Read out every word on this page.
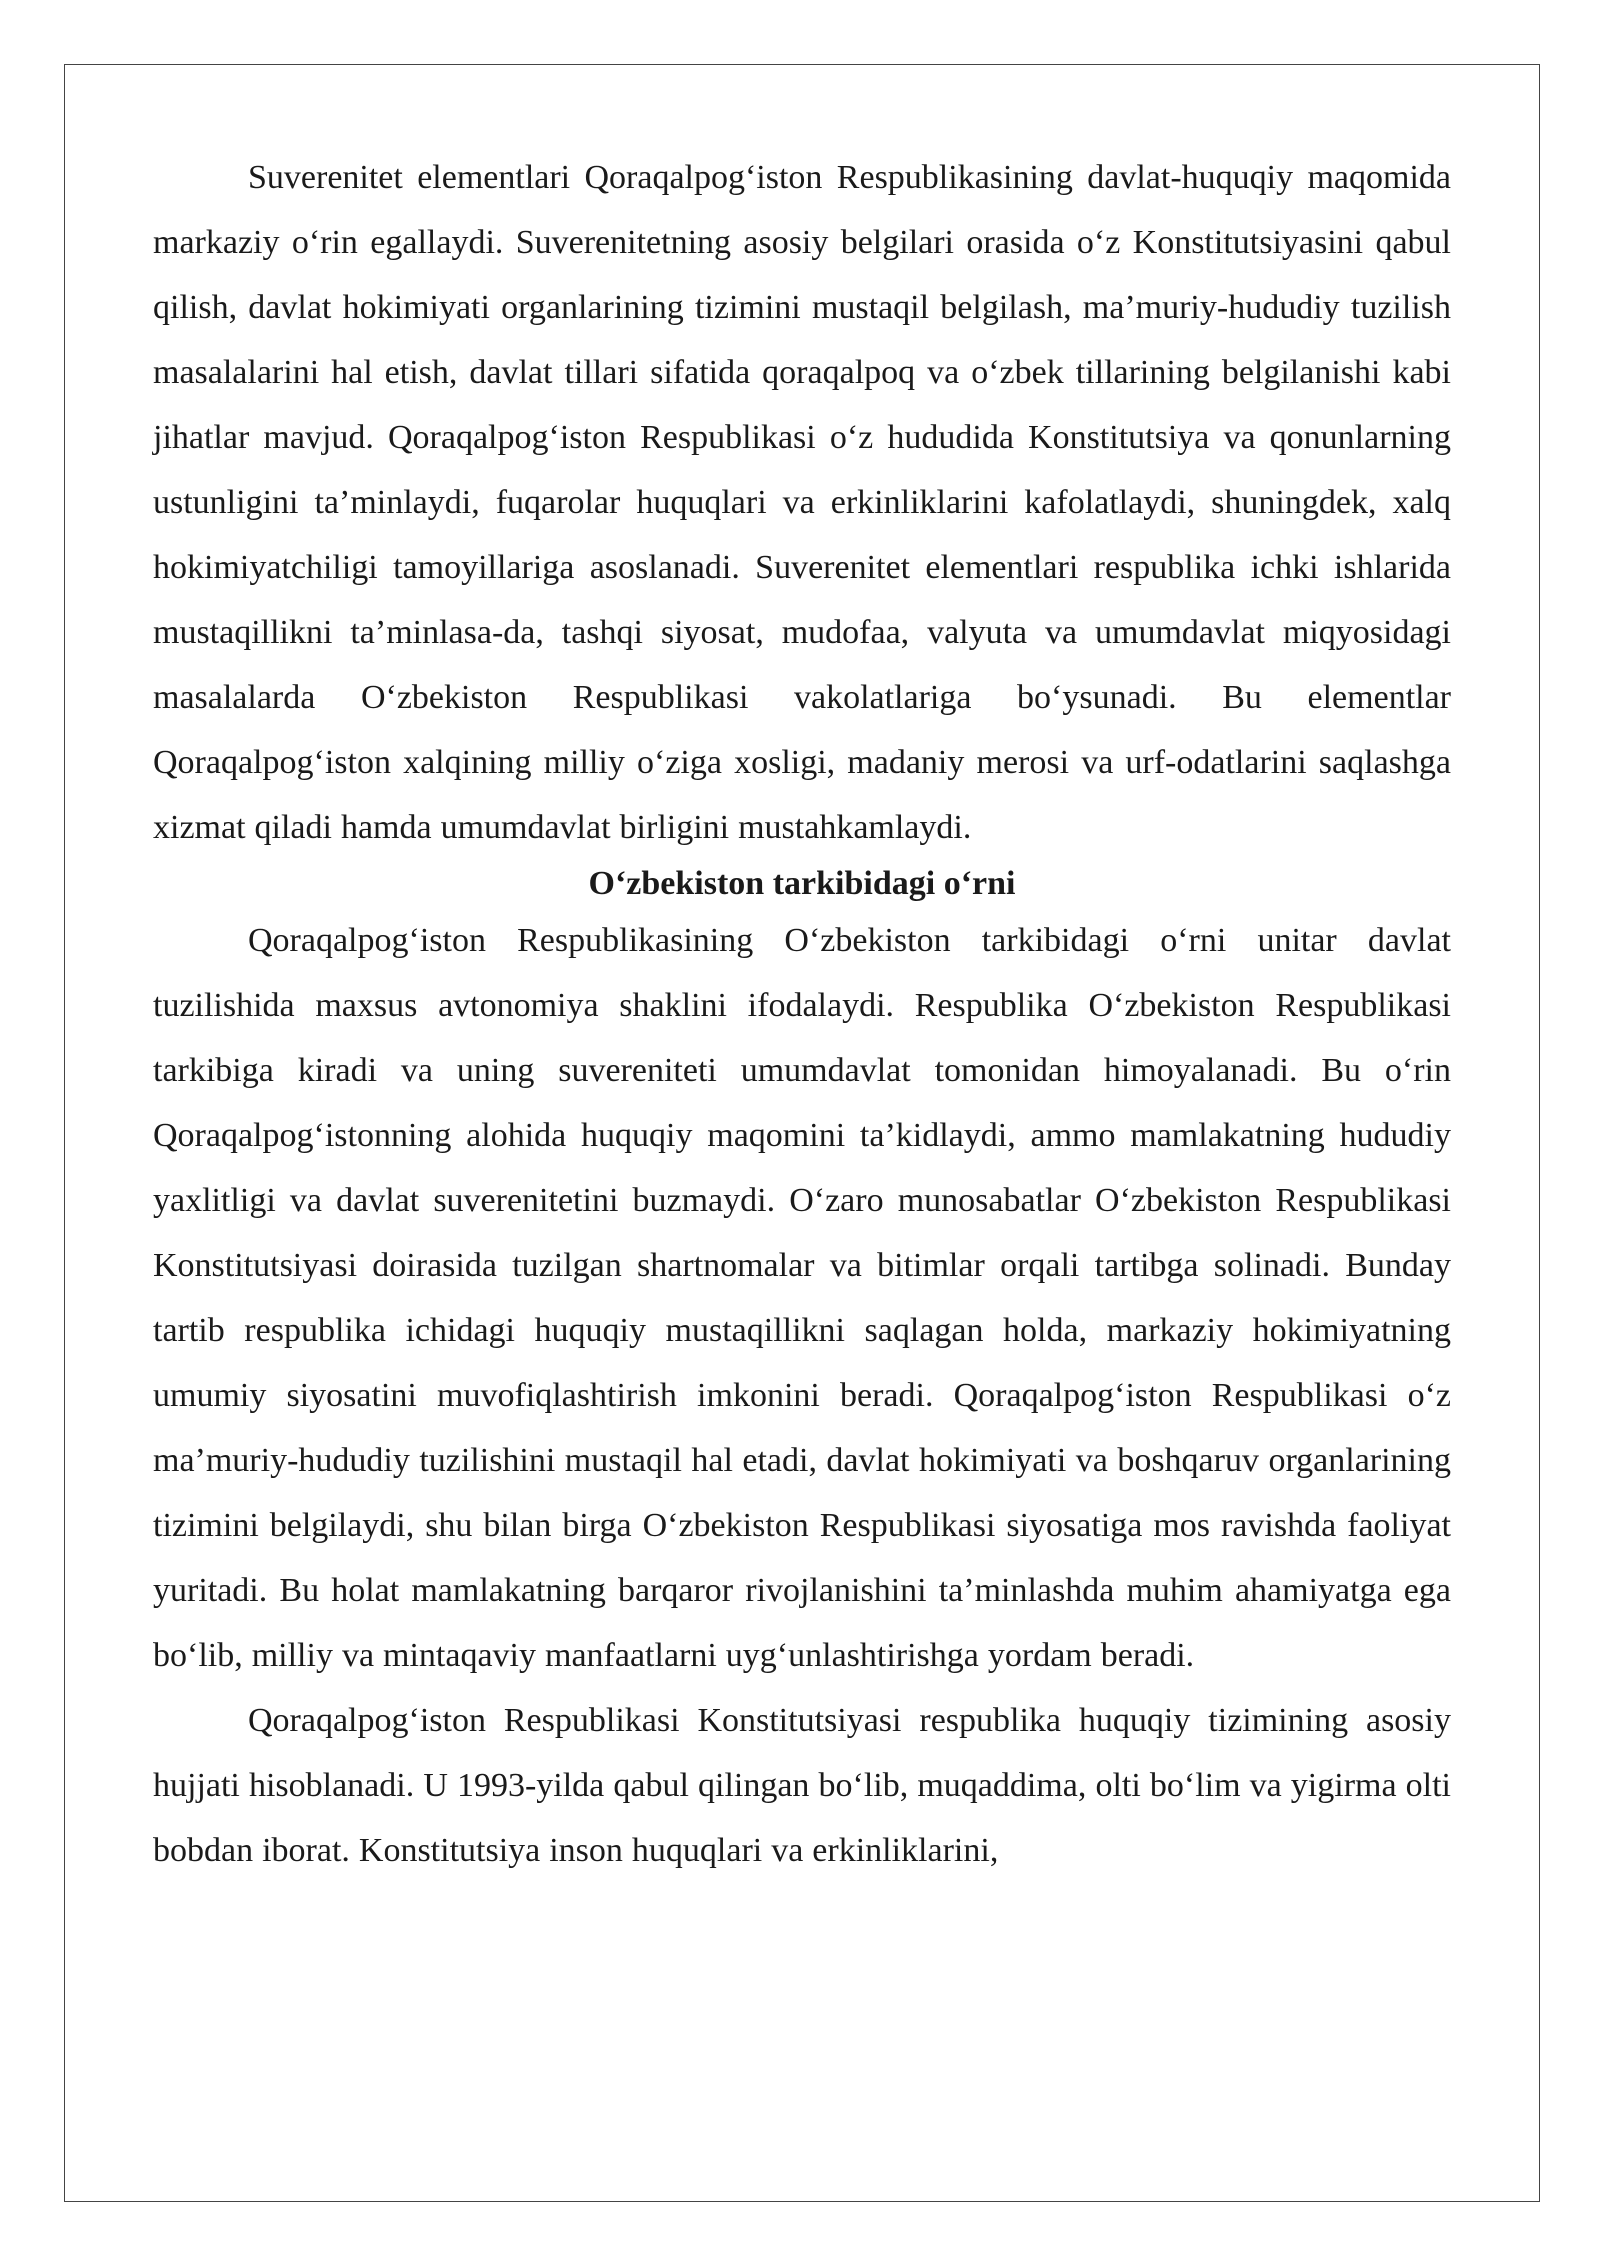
Suverenitet elementlari Qoraqalpog‘iston Respublikasining davlat-huquqiy maqomida markaziy o‘rin egallaydi. Suverenitetning asosiy belgilari orasida o‘z Konstitutsiyasini qabul qilish, davlat hokimiyati organlarining tizimini mustaqil belgilash, ma’muriy-hududiy tuzilish masalalarini hal etish, davlat tillari sifatida qoraqalpoq va o‘zbek tillarining belgilanishi kabi jihatlar mavjud. Qoraqalpog‘iston Respublikasi o‘z hududida Konstitutsiya va qonunlarning ustunligini ta’minlaydi, fuqarolar huquqlari va erkinliklarini kafolatlaydi, shuningdek, xalq hokimiyatchiligi tamoyillariga asoslanadi. Suverenitet elementlari respublika ichki ishlarida mustaqillikni ta’minlasa-da, tashqi siyosat, mudofaa, valyuta va umumdavlat miqyosidagi masalalarda O‘zbekiston Respublikasi vakolatlariga bo‘ysunadi. Bu elementlar Qoraqalpog‘iston xalqining milliy o‘ziga xosligi, madaniy merosi va urf-odatlarini saqlashga xizmat qiladi hamda umumdavlat birligini mustahkamlaydi.

O‘zbekiston tarkibidagi o‘rni

Qoraqalpog‘iston Respublikasining O‘zbekiston tarkibidagi o‘rni unitar davlat tuzilishida maxsus avtonomiya shaklini ifodalaydi. Respublika O‘zbekiston Respublikasi tarkibiga kiradi va uning suvereniteti umumdavlat tomonidan himoyalanadi. Bu o‘rin Qoraqalpog‘istonning alohida huquqiy maqomini ta’kidlaydi, ammo mamlakatning hududiy yaxlitligi va davlat suverenitetini buzmaydi. O‘zaro munosabatlar O‘zbekiston Respublikasi Konstitutsiyasi doirasida tuzilgan shartnomalar va bitimlar orqali tartibga solinadi. Bunday tartib respublika ichidagi huquqiy mustaqillikni saqlagan holda, markaziy hokimiyatning umumiy siyosatini muvofiqlashtirish imkonini beradi. Qoraqalpog‘iston Respublikasi o‘z ma’muriy-hududiy tuzilishini mustaqil hal etadi, davlat hokimiyati va boshqaruv organlarining tizimini belgilaydi, shu bilan birga O‘zbekiston Respublikasi siyosatiga mos ravishda faoliyat yuritadi. Bu holat mamlakatning barqaror rivojlanishini ta’minlashda muhim ahamiyatga ega bo‘lib, milliy va mintaqaviy manfaatlarni uyg‘unlashtirishga yordam beradi.

Qoraqalpog‘iston Respublikasi Konstitutsiyasi respublika huquqiy tizimining asosiy hujjati hisoblanadi. U 1993-yilda qabul qilingan bo‘lib, muqaddima, olti bo‘lim va yigirma olti bobdan iborat. Konstitutsiya inson huquqlari va erkinliklarini,
